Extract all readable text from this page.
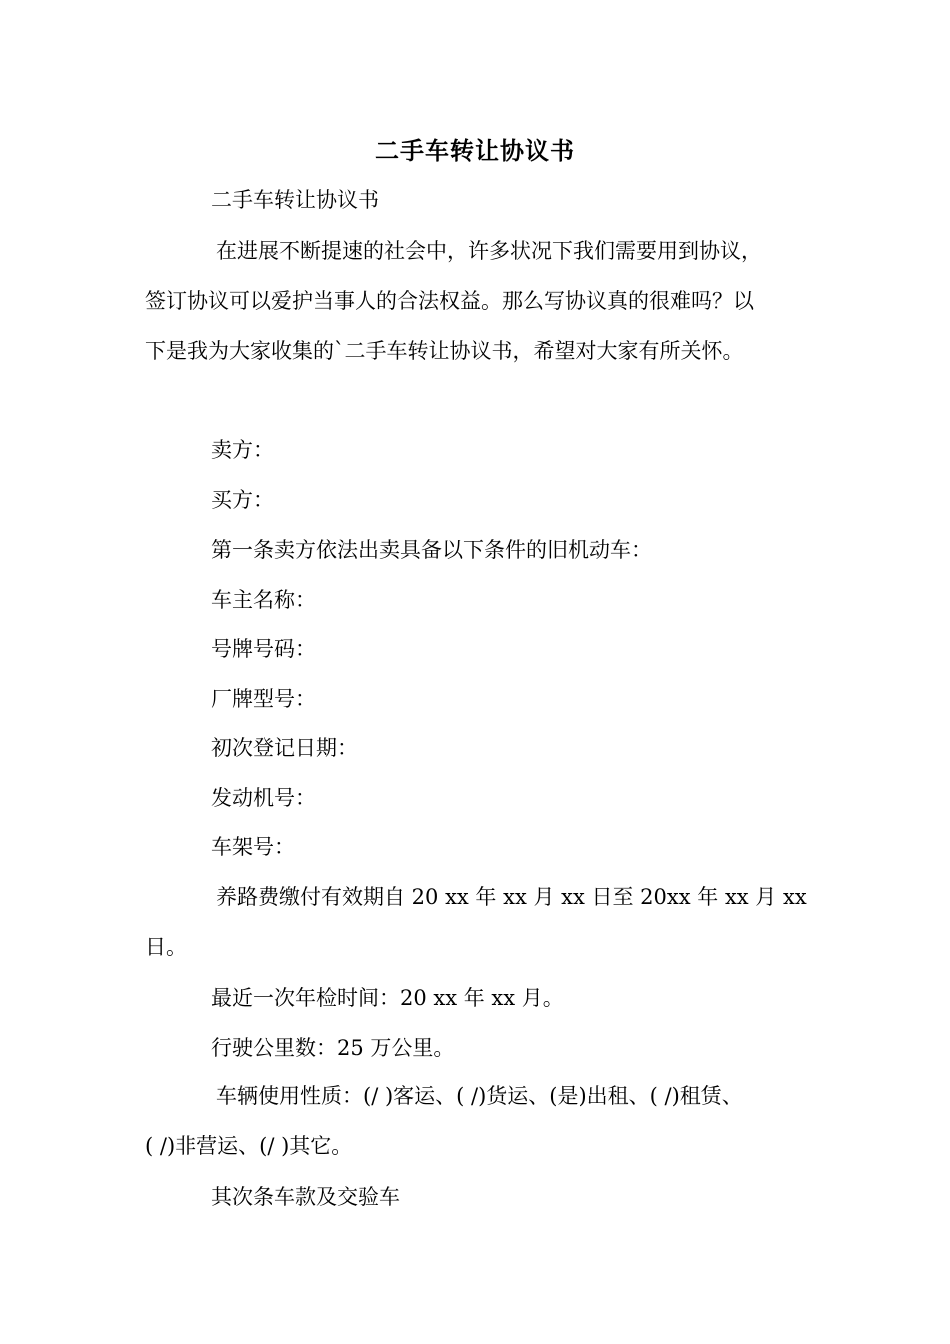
二手车转让协议书
二手车转让协议书
在进展不断提速的社会中，许多状况下我们需要用到协议，
签订协议可以爱护当事人的合法权益。那么写协议真的很难吗？以
下是我为大家收集的`二手车转让协议书，希望对大家有所关怀。
卖方：
买方：
第一条卖方依法出卖具备以下条件的旧机动车：
车主名称：
号牌号码：
厂牌型号：
初次登记日期：
发动机号：
车架号：
养路费缴付有效期自 20 xx 年 xx 月 xx 日至 20xx 年 xx 月 xx
日。
最近一次年检时间：20 xx 年 xx 月。
行驶公里数：25 万公里。
车辆使用性质：(/ )客运、( /)货运、(是)出租、( /)租赁、
( /)非营运、(/ )其它。
其次条车款及交验车
